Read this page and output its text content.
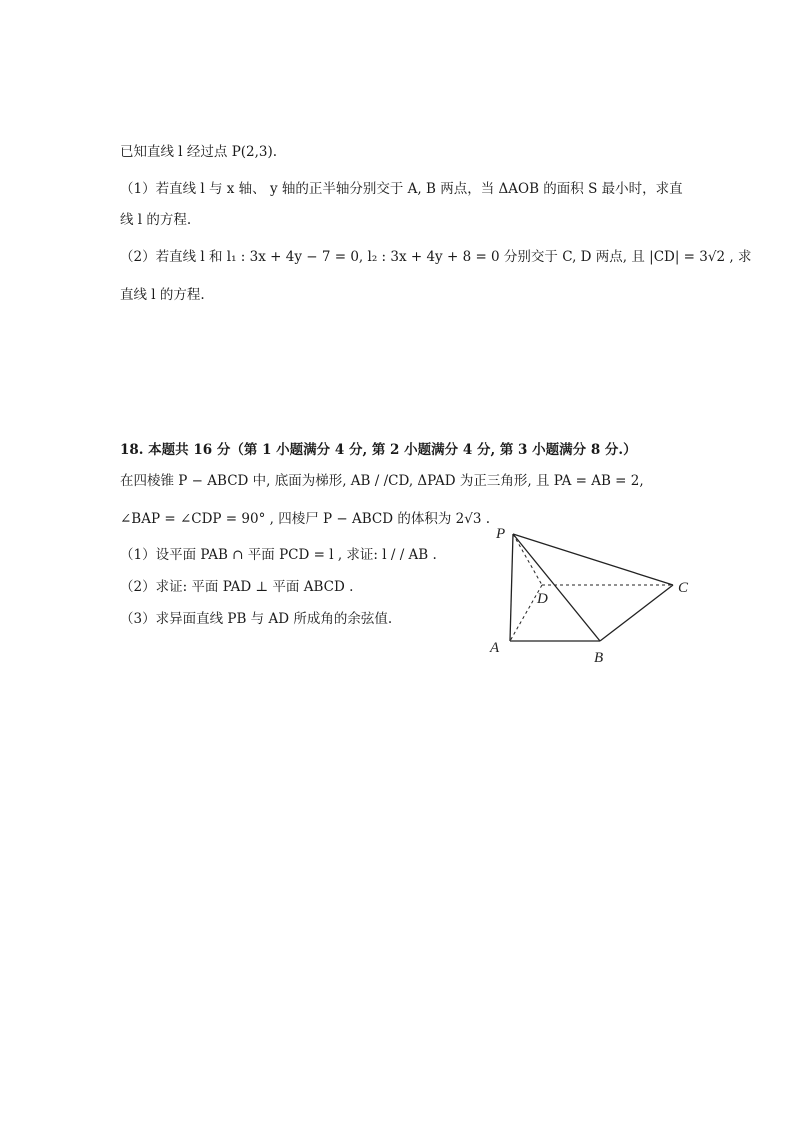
已知直线 l 经过点 P(2,3).
（1）若直线 l 与 x 轴、 y 轴的正半轴分别交于 A, B 两点，当 ΔAOB 的面积 S 最小时，求直
线 l 的方程.
（2）若直线 l 和 l₁ : 3x + 4y − 7 = 0, l₂ : 3x + 4y + 8 = 0 分别交于 C, D 两点, 且 |CD| = 3√2 , 求
直线 l 的方程.
18. 本题共 16 分（第 1 小题满分 4 分, 第 2 小题满分 4 分, 第 3 小题满分 8 分.）
在四棱锥 P − ABCD 中, 底面为梯形, AB / /CD, ΔPAD 为正三角形, 且 PA = AB = 2,
∠BAP = ∠CDP = 90° , 四棱尸 P − ABCD 的体积为 2√3 .
（1）设平面 PAB ∩ 平面 PCD = l , 求证: l / / AB .
（2）求证: 平面 PAD ⊥ 平面 ABCD .
（3）求异面直线 PB 与 AD 所成角的余弦值.
P
D
C
A
B
